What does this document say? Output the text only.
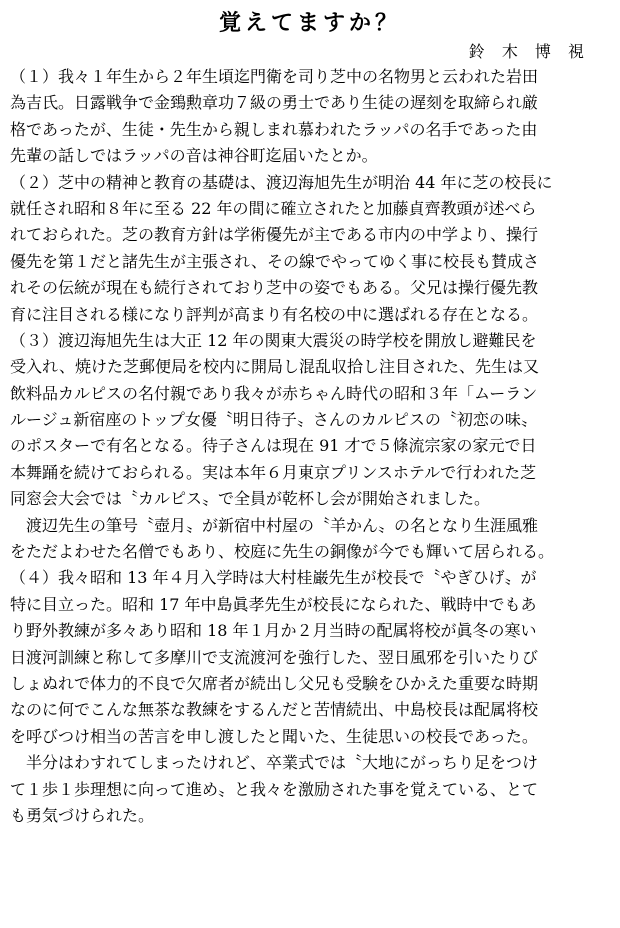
覚えてますか？
鈴 木 博 視
（１）我々１年生から２年生頃迄門衛を司り芝中の名物男と云われた岩田
為吉氏。日露戦争で金鵄勲章功７級の勇士であり生徒の遅刻を取締られ厳
格であったが、生徒・先生から親しまれ慕われたラッパの名手であった由
先輩の話しではラッパの音は神谷町迄届いたとか。
（２）芝中の精神と教育の基礎は、渡辺海旭先生が明治 44 年に芝の校長に
就任され昭和８年に至る 22 年の間に確立されたと加藤貞齊教頭が述べら
れておられた。芝の教育方針は学術優先が主である市内の中学より、操行
優先を第１だと諸先生が主張され、その線でやってゆく事に校長も賛成さ
れその伝統が現在も続行されており芝中の姿でもある。父兄は操行優先教
育に注目される様になり評判が高まり有名校の中に選ばれる存在となる。
（３）渡辺海旭先生は大正 12 年の関東大震災の時学校を開放し避難民を
受入れ、焼けた芝郵便局を校内に開局し混乱収拾し注目された、先生は又
飲料品カルピスの名付親であり我々が赤ちゃん時代の昭和３年「ムーラン
ルージュ新宿座のトップ女優〝明日待子〟さんのカルピスの〝初恋の味〟
のポスターで有名となる。待子さんは現在 91 才で５條流宗家の家元で日
本舞踊を続けておられる。実は本年６月東京プリンスホテルで行われた芝
同窓会大会では〝カルピス〟で全員が乾杯し会が開始されました。
　渡辺先生の筆号〝壺月〟が新宿中村屋の〝羊かん〟の名となり生涯風雅
をただよわせた名僧でもあり、校庭に先生の銅像が今でも輝いて居られる。
（４）我々昭和 13 年４月入学時は大村桂巌先生が校長で〝やぎひげ〟が
特に目立った。昭和 17 年中島眞孝先生が校長になられた、戦時中でもあ
り野外教練が多々あり昭和 18 年１月か２月当時の配属将校が眞冬の寒い
日渡河訓練と称して多摩川で支流渡河を強行した、翌日風邪を引いたりび
しょぬれで体力的不良で欠席者が続出し父兄も受験をひかえた重要な時期
なのに何でこんな無茶な教練をするんだと苦情続出、中島校長は配属将校
を呼びつけ相当の苦言を申し渡したと聞いた、生徒思いの校長であった。
　半分はわすれてしまったけれど、卒業式では〝大地にがっちり足をつけ
て１歩１歩理想に向って進め〟と我々を激励された事を覚えている、とて
も勇気づけられた。
